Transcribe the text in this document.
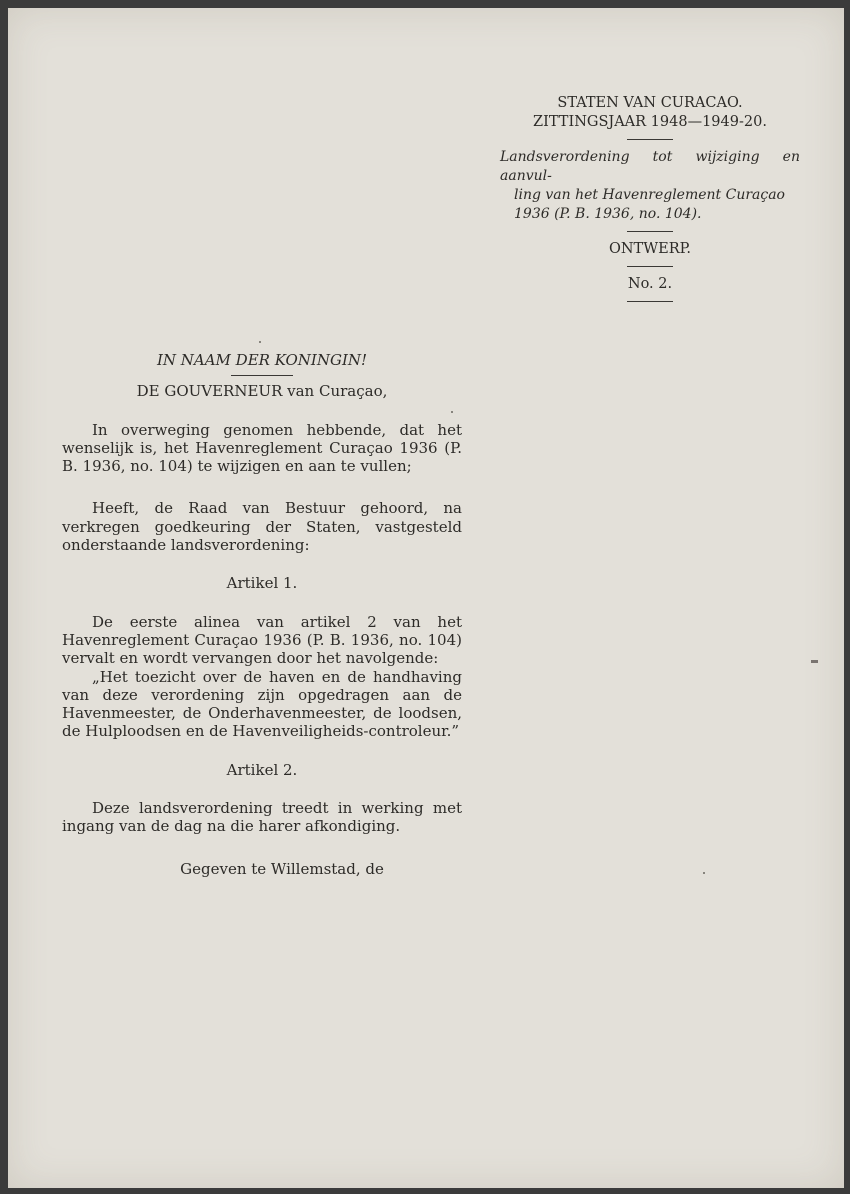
STATEN VAN CURACAO.
ZITTINGSJAAR 1948—1949-20.
Landsverordening tot wijziging en aanvul-
ling van het Havenreglement Curaçao
1936 (P. B. 1936, no. 104).
ONTWERP.
No. 2.
IN NAAM DER KONINGIN!
DE GOUVERNEUR van Curaçao,
In overweging genomen hebbende, dat het wenselijk is, het Havenreglement Curaçao 1936 (P. B. 1936, no. 104) te wijzigen en aan te vullen;
Heeft, de Raad van Bestuur gehoord, na verkregen goedkeuring der Staten, vastgesteld onderstaande landsverordening:
Artikel 1.
De eerste alinea van artikel 2 van het Havenreglement Curaçao 1936 (P. B. 1936, no. 104) vervalt en wordt vervangen door het navolgende:
„Het toezicht over de haven en de handhaving van deze verordening zijn opgedragen aan de Havenmeester, de Onderhavenmeester, de loodsen, de Hulploodsen en de Havenveiligheids-controleur.”
Artikel 2.
Deze landsverordening treedt in werking met ingang van de dag na die harer afkondiging.
Gegeven te Willemstad, de
